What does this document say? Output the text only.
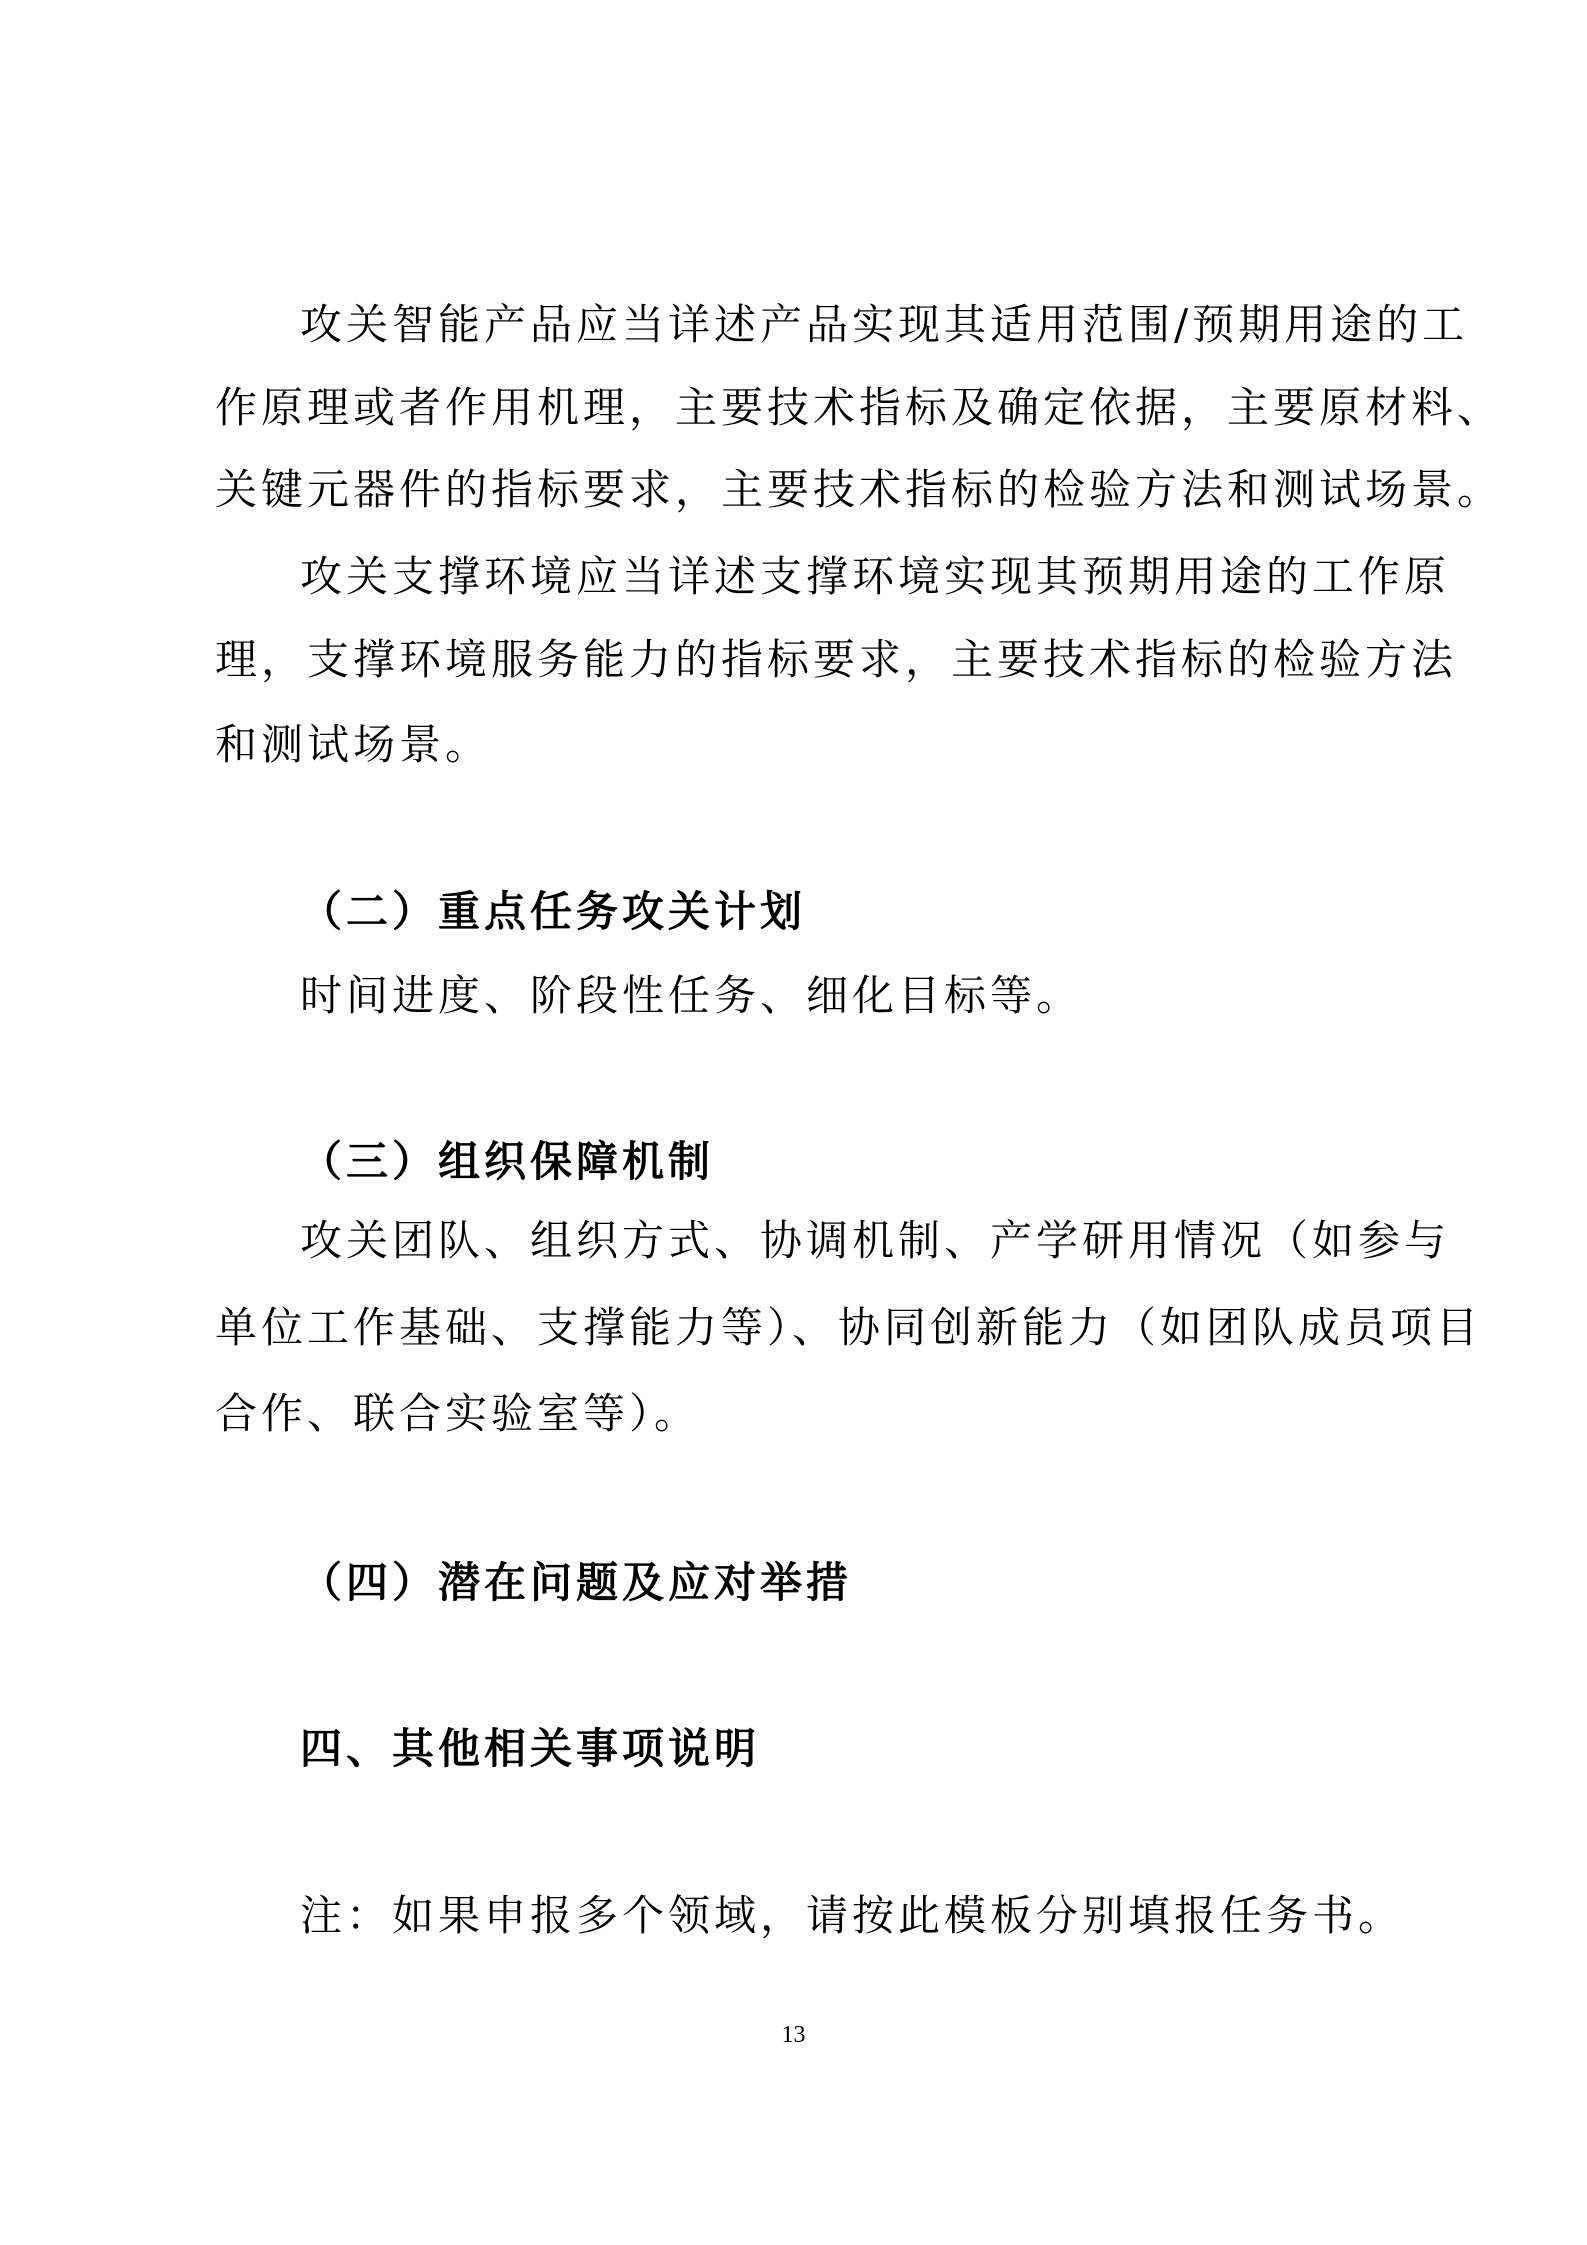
攻关智能产品应当详述产品实现其适用范围/预期用途的工
作原理或者作用机理，主要技术指标及确定依据，主要原材料、
关键元器件的指标要求，主要技术指标的检验方法和测试场景。
攻关支撑环境应当详述支撑环境实现其预期用途的工作原
理，支撑环境服务能力的指标要求，主要技术指标的检验方法
和测试场景。
（二）重点任务攻关计划
时间进度、阶段性任务、细化目标等。
（三）组织保障机制
攻关团队、组织方式、协调机制、产学研用情况（如参与
单位工作基础、支撑能力等）、协同创新能力（如团队成员项目
合作、联合实验室等）。
（四）潜在问题及应对举措
四、其他相关事项说明
注：如果申报多个领域，请按此模板分别填报任务书。
13
